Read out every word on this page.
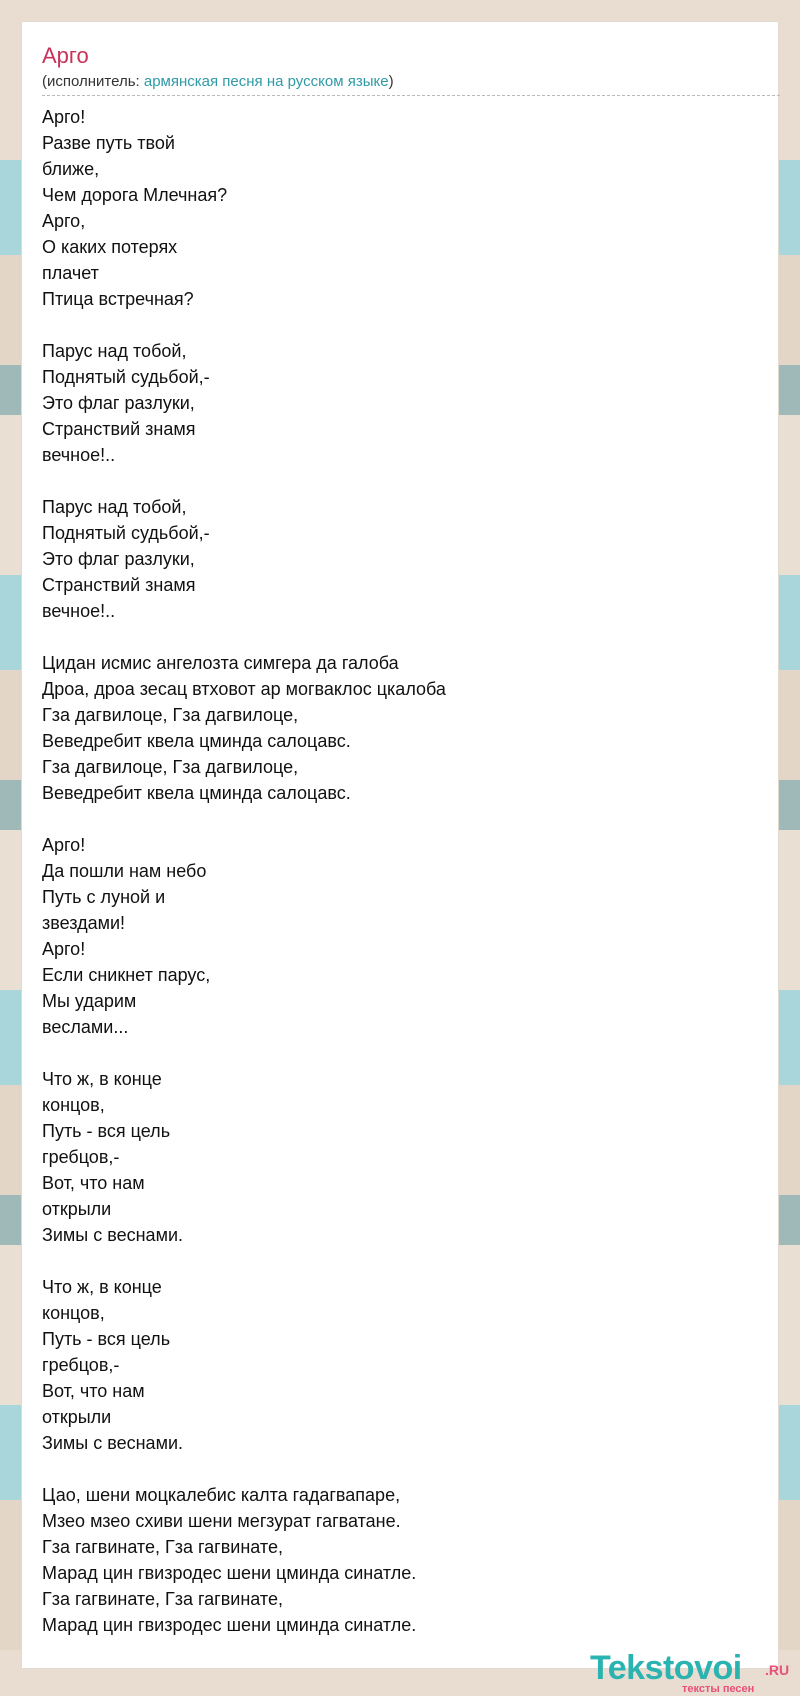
Арго
(исполнитель: армянская песня на русском языке)
Арго!
Разве путь твой
ближе,
Чем дорога Млечная?
Арго,
О каких потерях
плачет
Птица встречная?
Парус над тобой,
Поднятый судьбой,-
Это флаг разлуки,
Странствий знамя
вечное!..
Парус над тобой,
Поднятый судьбой,-
Это флаг разлуки,
Странствий знамя
вечное!..
Цидан исмис ангелозта симгера да галоба
Дроа, дроа зесац втховот ар могваклос цкалоба
Гза дагвилоце, Гза дагвилоце,
Веведребит квела цминда салоцавс.
Гза дагвилоце, Гза дагвилоце,
Веведребит квела цминда салоцавс.
Арго!
Да пошли нам небо
Путь с луной и
звездами!
Арго!
Если сникнет парус,
Мы ударим
веслами...
Что ж, в конце
концов,
Путь - вся цель
гребцов,-
Вот, что нам
открыли
Зимы с веснами.
Что ж, в конце
концов,
Путь - вся цель
гребцов,-
Вот, что нам
открыли
Зимы с веснами.
Цао, шени моцкалебис калта гадагвапаре,
Мзео мзео схиви шени мегзурат гагватане.
Гза гагвинате, Гза гагвинате,
Марад цин гвизродес шени цминда синатле.
Гза гагвинате, Гза гагвинате,
Марад цин гвизродес шени цминда синатле.
Tekstovoi .RU
тексты песен
